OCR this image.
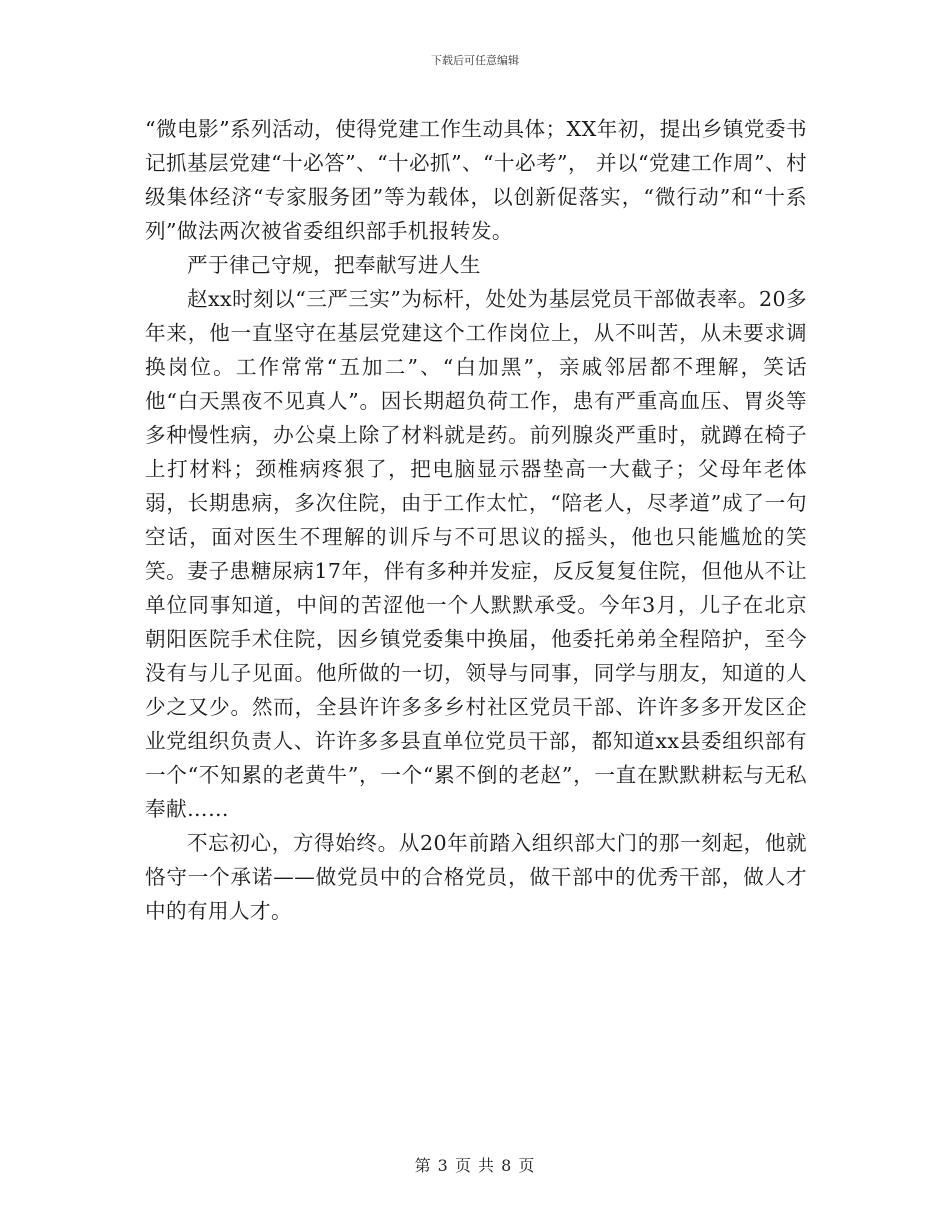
下载后可任意编辑

“微电影”系列活动，使得党建工作生动具体；XX年初，提出乡镇党委书记抓基层党建“十必答”、“十必抓”、“十必考”， 并以“党建工作周”、村级集体经济“专家服务团”等为载体，以创新促落实，“微行动”和“十系列”做法两次被省委组织部手机报转发。

严于律己守规，把奉献写进人生

赵xx时刻以“三严三实”为标杆，处处为基层党员干部做表率。20多年来，他一直坚守在基层党建这个工作岗位上，从不叫苦，从未要求调换岗位。工作常常“五加二”、“白加黑”，亲戚邻居都不理解，笑话他“白天黑夜不见真人”。因长期超负荷工作，患有严重高血压、胃炎等多种慢性病，办公桌上除了材料就是药。前列腺炎严重时，就蹲在椅子上打材料；颈椎病疼狠了，把电脑显示器垫高一大截子；父母年老体弱，长期患病，多次住院，由于工作太忙，“陪老人，尽孝道”成了一句空话，面对医生不理解的训斥与不可思议的摇头，他也只能尴尬的笑笑。妻子患糖尿病17年，伴有多种并发症，反反复复住院，但他从不让单位同事知道，中间的苦涩他一个人默默承受。今年3月，儿子在北京朝阳医院手术住院，因乡镇党委集中换届，他委托弟弟全程陪护，至今没有与儿子见面。他所做的一切，领导与同事，同学与朋友，知道的人少之又少。然而，全县许许多多乡村社区党员干部、许许多多开发区企业党组织负责人、许许多多县直单位党员干部，都知道xx县委组织部有一个“不知累的老黄牛”，一个“累不倒的老赵”，一直在默默耕耘与无私奉献……

不忘初心，方得始终。从20年前踏入组织部大门的那一刻起，他就恪守一个承诺——做党员中的合格党员，做干部中的优秀干部，做人才中的有用人才。

第 3 页 共 8 页
